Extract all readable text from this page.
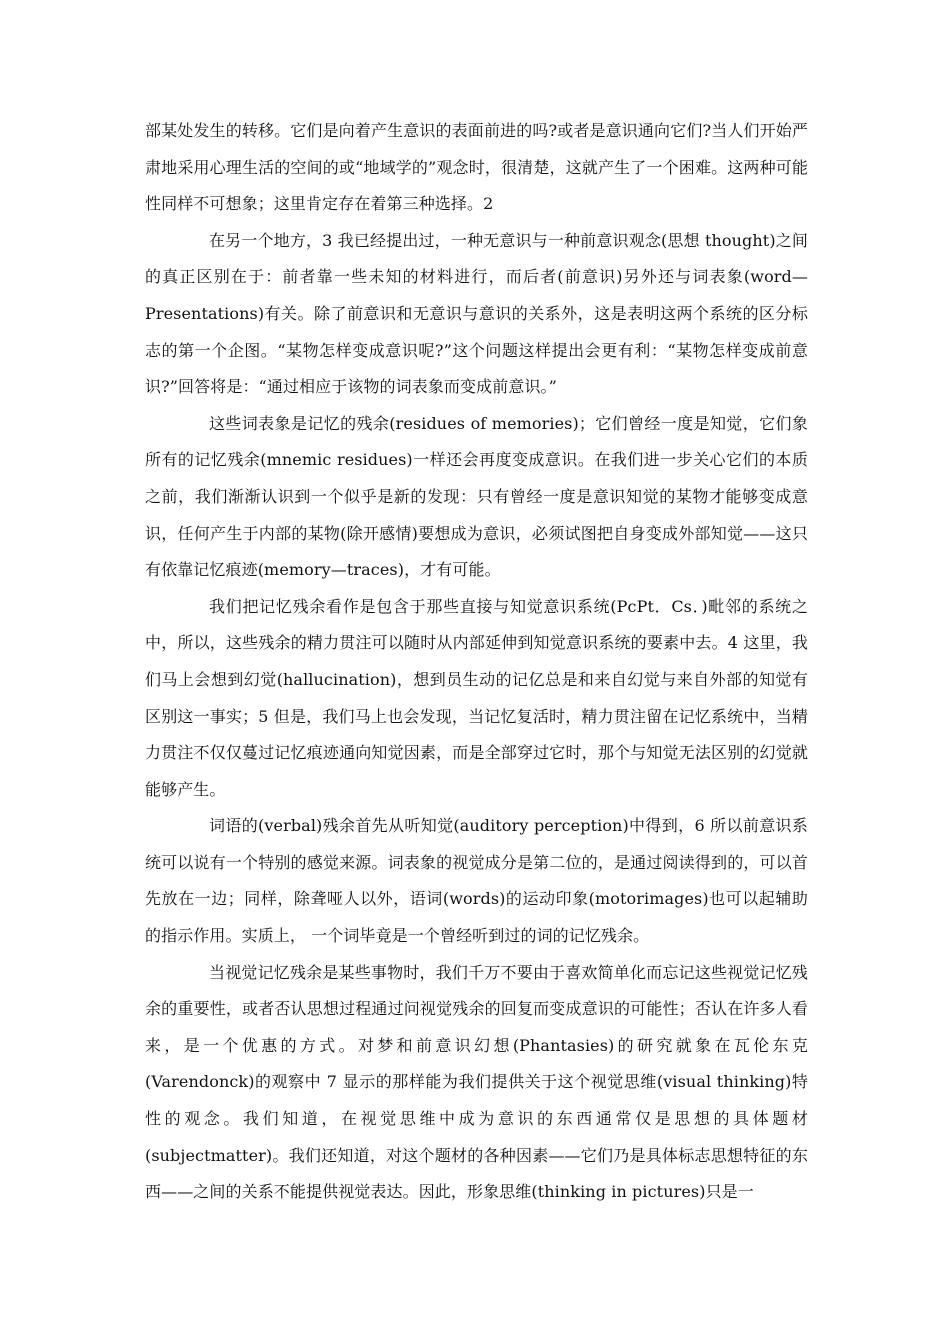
部某处发生的转移。它们是向着产生意识的表面前进的吗?或者是意识通向它们?当人们开始严肃地采用心理生活的空间的或“地域学的”观念时，很清楚，这就产生了一个困难。这两种可能性同样不可想象；这里肯定存在着第三种选择。2

在另一个地方，3 我已经提出过，一种无意识与一种前意识观念(思想 thought)之间的真正区别在于：前者靠一些未知的材料进行，而后者(前意识)另外还与词表象(word—Presentations)有关。除了前意识和无意识与意识的关系外，这是表明这两个系统的区分标志的第一个企图。“某物怎样变成意识呢?”这个问题这样提出会更有利：“某物怎样变成前意识?”回答将是：“通过相应于该物的词表象而变成前意识。”

这些词表象是记忆的残余(residues of memories)；它们曾经一度是知觉，它们象所有的记忆残余(mnemic residues)一样还会再度变成意识。在我们进一步关心它们的本质之前，我们渐渐认识到一个似乎是新的发现：只有曾经一度是意识知觉的某物才能够变成意识，任何产生于内部的某物(除开感情)要想成为意识，必须试图把自身变成外部知觉——这只有依靠记忆痕迹(memory—traces)，才有可能。

我们把记忆残余看作是包含于那些直接与知觉意识系统(PcPt．Cs．)毗邻的系统之中，所以，这些残余的精力贯注可以随时从内部延伸到知觉意识系统的要素中去。4 这里，我们马上会想到幻觉(hallucination)，想到员生动的记亿总是和来自幻觉与来自外部的知觉有区别这一事实；5 但是，我们马上也会发现，当记忆复活时，精力贯注留在记忆系统中，当精力贯注不仅仅蔓过记忆痕迹通向知觉因素，而是全部穿过它时，那个与知觉无法区别的幻觉就能够产生。

词语的(verbal)残余首先从听知觉(auditory perception)中得到，6 所以前意识系统可以说有一个特别的感觉来源。词表象的视觉成分是第二位的，是通过阅读得到的，可以首先放在一边；同样，除聋哑人以外，语词(words)的运动印象(motorimages)也可以起辅助的指示作用。实质上， 一个词毕竟是一个曾经听到过的词的记忆残余。

当视觉记忆残余是某些事物时，我们千万不要由于喜欢简单化而忘记这些视觉记忆残余的重要性，或者否认思想过程通过问视觉残余的回复而变成意识的可能性；否认在许多人看来，是一个优惠的方式。对梦和前意识幻想(Phantasies)的研究就象在瓦伦东克(Varendonck)的观察中 7 显示的那样能为我们提供关于这个视觉思维(visual thinking)特性的观念。我们知道，在视觉思维中成为意识的东西通常仅是思想的具体题材(subjectmatter)。我们还知道，对这个题材的各种因素——它们乃是具体标志思想特征的东西——之间的关系不能提供视觉表达。因此，形象思维(thinking in pictures)只是一
